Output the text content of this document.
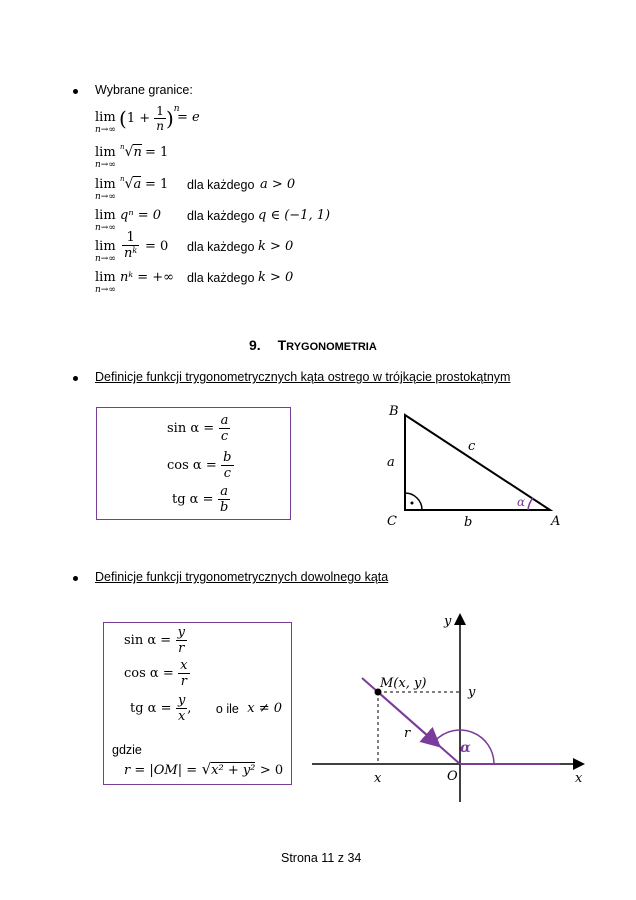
Wybrane granice:
lim
n→∞ $(1 + \frac{1}{n} )^n$
= e
lim
n→∞
$^n$√n = 1
lim
n→∞
$^n$√a = 1 dla każdego a > 0
lim
n→∞
qⁿ = 0 dla każdego q ∈ (−1, 1)
lim
$n\to\infty \frac{1}{n^k} = 0$ dla każdego k > 0
lim
n→∞
nᵏ = +∞ dla każdego k > 0
9. TRYGONOMETRIA
Definicje funkcji trygonometrycznych kąta ostrego w trójkącie prostokątnym
$\sin \alpha = \frac{a}{c}$
$\cos \alpha = \frac{b}{c}$
tg $\alpha = \frac{a}{b}$
B
C	A
a
b
c
α
Definicje funkcji trygonometrycznych dowolnego kąta
$\sin \alpha = \frac{y}{r}$
$\cos \alpha = \frac{x}{r}$
tg $\alpha = \frac{y}{x}$ , o ile x ≠ 0
gdzie
r = |OM| = √x² + y² > 0
y
x
M(x, y)
y
x
r
O
α
Strona 11 z 34
